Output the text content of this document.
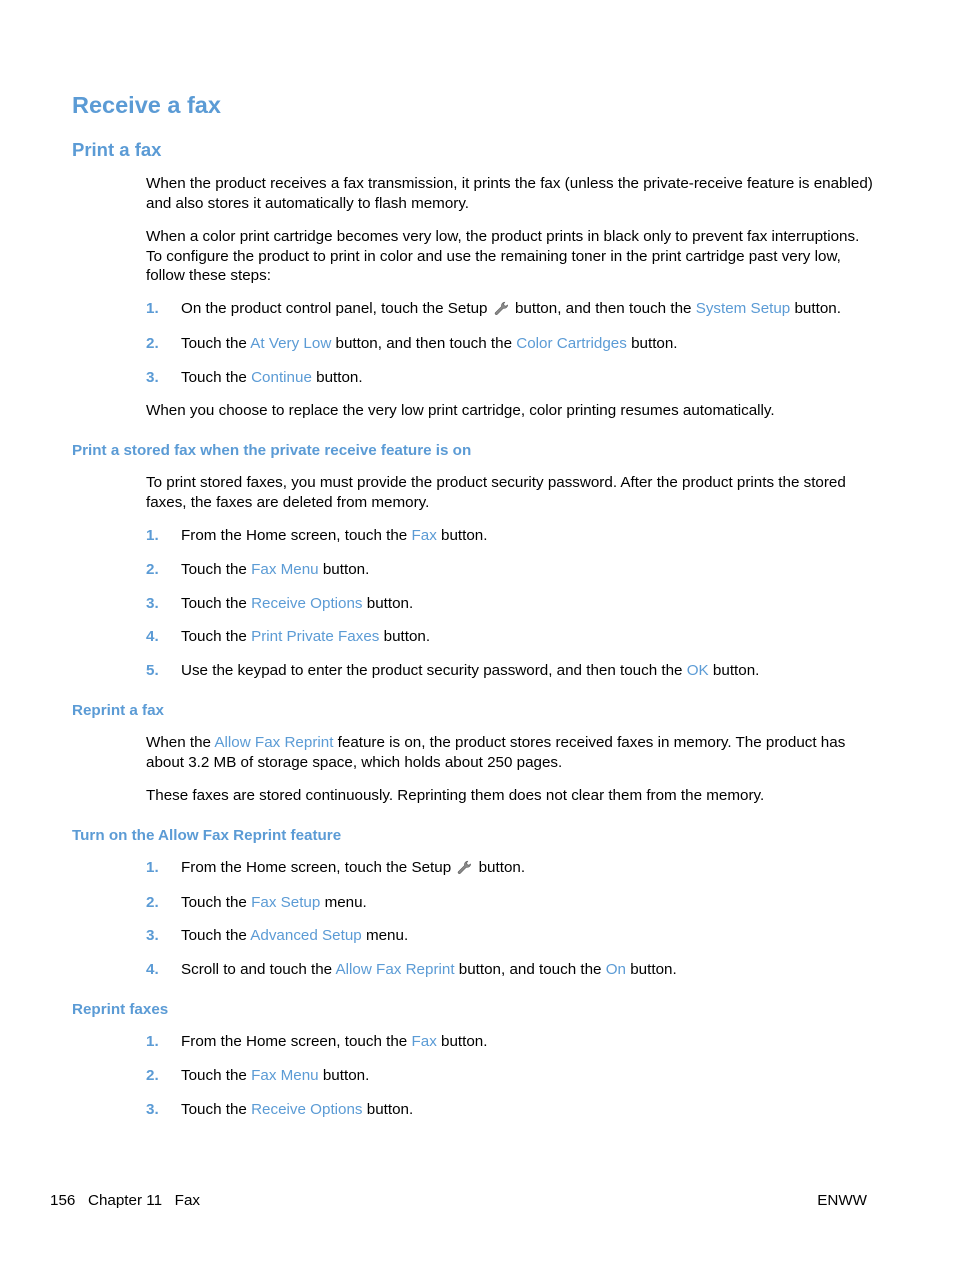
Receive a fax
Print a fax
When the product receives a fax transmission, it prints the fax (unless the private-receive feature is enabled) and also stores it automatically to flash memory.
When a color print cartridge becomes very low, the product prints in black only to prevent fax interruptions. To configure the product to print in color and use the remaining toner in the print cartridge past very low, follow these steps:
1. On the product control panel, touch the Setup button, and then touch the System Setup button.
2. Touch the At Very Low button, and then touch the Color Cartridges button.
3. Touch the Continue button.
When you choose to replace the very low print cartridge, color printing resumes automatically.
Print a stored fax when the private receive feature is on
To print stored faxes, you must provide the product security password. After the product prints the stored faxes, the faxes are deleted from memory.
1. From the Home screen, touch the Fax button.
2. Touch the Fax Menu button.
3. Touch the Receive Options button.
4. Touch the Print Private Faxes button.
5. Use the keypad to enter the product security password, and then touch the OK button.
Reprint a fax
When the Allow Fax Reprint feature is on, the product stores received faxes in memory. The product has about 3.2 MB of storage space, which holds about 250 pages.
These faxes are stored continuously. Reprinting them does not clear them from the memory.
Turn on the Allow Fax Reprint feature
1. From the Home screen, touch the Setup button.
2. Touch the Fax Setup menu.
3. Touch the Advanced Setup menu.
4. Scroll to and touch the Allow Fax Reprint button, and touch the On button.
Reprint faxes
1. From the Home screen, touch the Fax button.
2. Touch the Fax Menu button.
3. Touch the Receive Options button.
156   Chapter 11   Fax	ENWW
